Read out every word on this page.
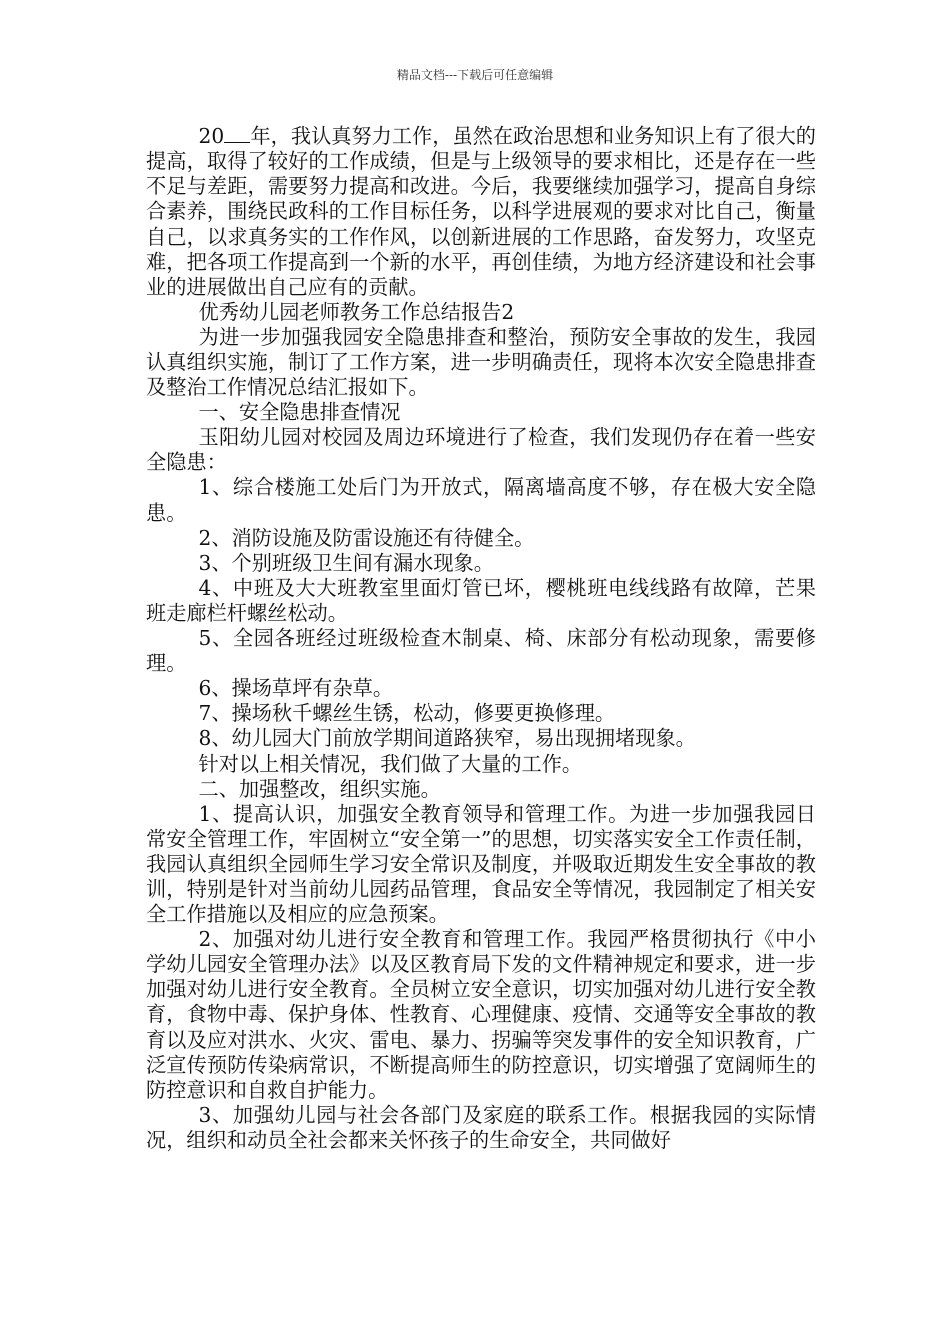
精品文档---下载后可任意编辑

20 年，我认真努力工作，虽然在政治思想和业务知识上有了很大的提高，取得了较好的工作成绩，但是与上级领导的要求相比，还是存在一些不足与差距，需要努力提高和改进。今后，我要继续加强学习，提高自身综合素养，围绕民政科的工作目标任务，以科学进展观的要求对比自己，衡量自己，以求真务实的工作作风，以创新进展的工作思路，奋发努力，攻坚克难，把各项工作提高到一个新的水平，再创佳绩，为地方经济建设和社会事业的进展做出自己应有的贡献。

优秀幼儿园老师教务工作总结报告2

为进一步加强我园安全隐患排查和整治，预防安全事故的发生，我园认真组织实施，制订了工作方案，进一步明确责任，现将本次安全隐患排查及整治工作情况总结汇报如下。

一、安全隐患排查情况

玉阳幼儿园对校园及周边环境进行了检查，我们发现仍存在着一些安全隐患：

1、综合楼施工处后门为开放式，隔离墙高度不够，存在极大安全隐患。

2、消防设施及防雷设施还有待健全。

3、个别班级卫生间有漏水现象。

4、中班及大大班教室里面灯管已坏，樱桃班电线线路有故障，芒果班走廊栏杆螺丝松动。

5、全园各班经过班级检查木制桌、椅、床部分有松动现象，需要修理。

6、操场草坪有杂草。

7、操场秋千螺丝生锈，松动，修要更换修理。

8、幼儿园大门前放学期间道路狭窄，易出现拥堵现象。

针对以上相关情况，我们做了大量的工作。

二、加强整改，组织实施。

1、提高认识，加强安全教育领导和管理工作。为进一步加强我园日常安全管理工作，牢固树立“安全第一”的思想，切实落实安全工作责任制，我园认真组织全园师生学习安全常识及制度，并吸取近期发生安全事故的教训，特别是针对当前幼儿园药品管理，食品安全等情况，我园制定了相关安全工作措施以及相应的应急预案。

2、加强对幼儿进行安全教育和管理工作。我园严格贯彻执行《中小学幼儿园安全管理办法》以及区教育局下发的文件精神规定和要求，进一步加强对幼儿进行安全教育。全员树立安全意识，切实加强对幼儿进行安全教育，食物中毒、保护身体、性教育、心理健康、疫情、交通等安全事故的教育以及应对洪水、火灾、雷电、暴力、拐骗等突发事件的安全知识教育，广泛宣传预防传染病常识，不断提高师生的防控意识，切实增强了宽阔师生的防控意识和自救自护能力。

3、加强幼儿园与社会各部门及家庭的联系工作。根据我园的实际情况，组织和动员全社会都来关怀孩子的生命安全，共同做好
